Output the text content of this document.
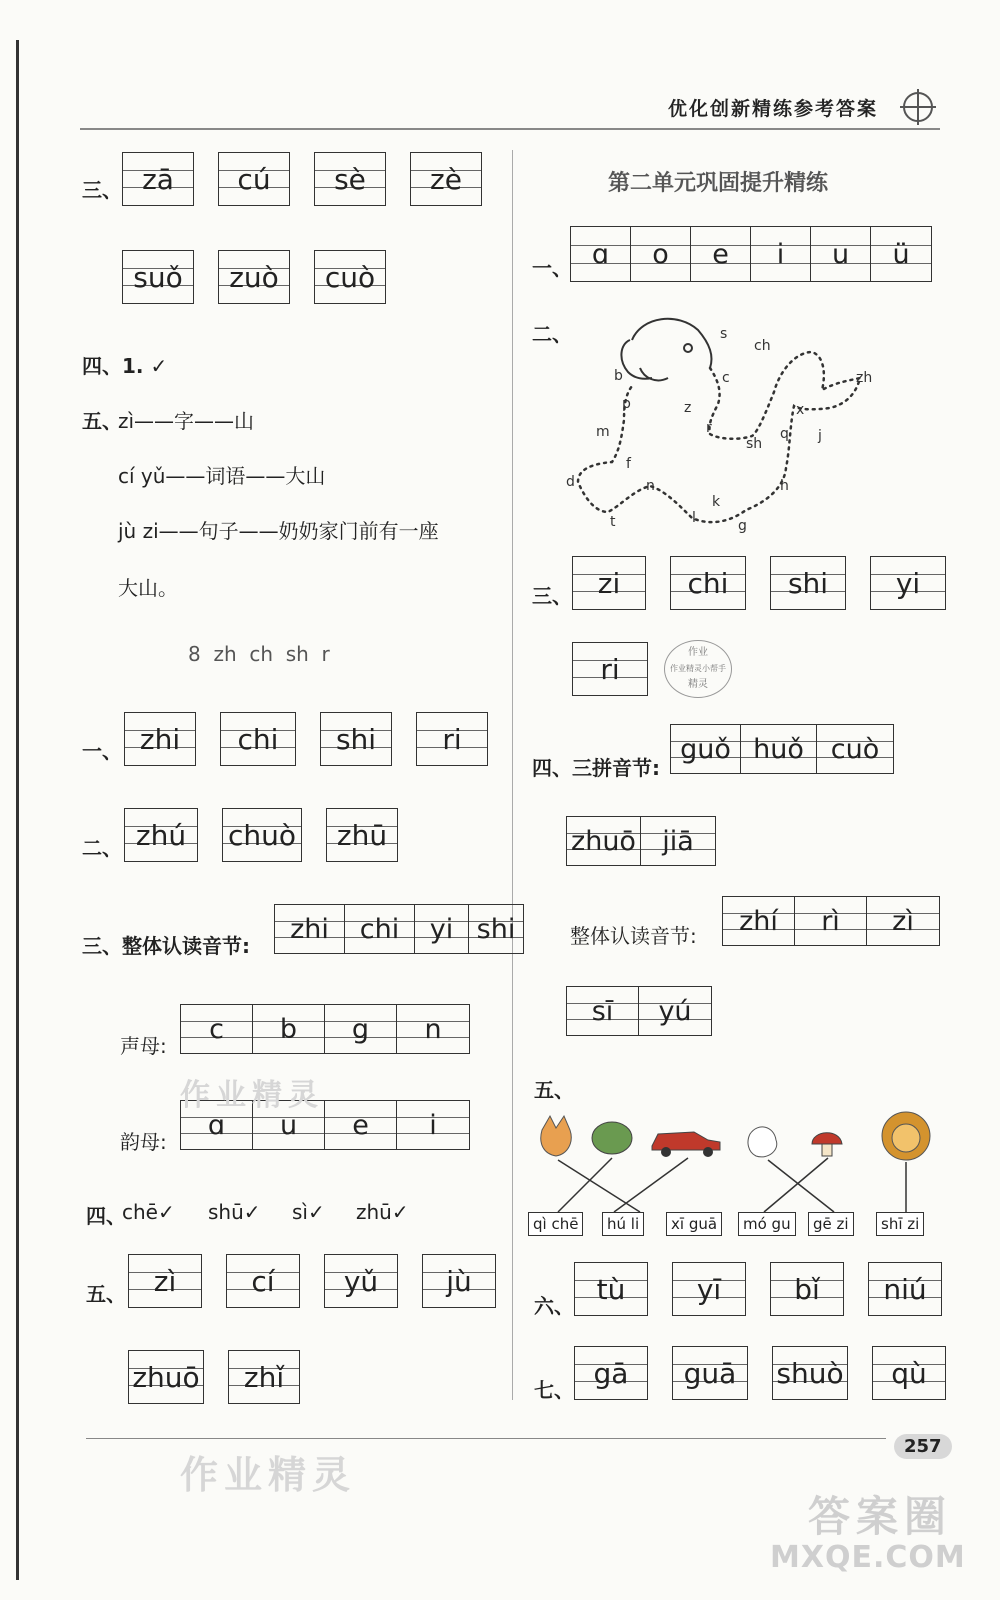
优化创新精练参考答案
三、 zā cú sè zè
suǒ zuò cuò
四、1. ✓
五、
zì——字——山
cí yǔ——词语——大山
jù zi——句子——奶奶家门前有一座
大山。
8  zh  ch  sh  r
一、 zhi chi shi ri
二、 zhú chuò zhū
三、整体认读音节:
zhi chi yi shi
声母:
c b g n
韵母:
ɑ u e i
四、
chē✓ shū✓ sì✓ zhū✓
五、 zì	cí yǔ jù
zhuō zhǐ
作业精灵
第二单元巩固提升精练
一、 ɑ o e i u ü
二、	s
ch
b	c	zh
p	z
r
x
m
sh
q j
f
d	n	h
k
l
t	g
三、 zi chi shi yi
ri	作业
作业精灵小帮手
精灵
四、三拼音节:
guǒ huǒ cuò
zhuō jiā
整体认读音节: zhí rì zì
sī yú
五、
qì chē	hú li	xī guā	mó gu	gē zi	shī zi
六、
tù	yī	bǐ niú
七、
gā guā shuò qù
257
作业精灵
答案圈
MXQE.COM
